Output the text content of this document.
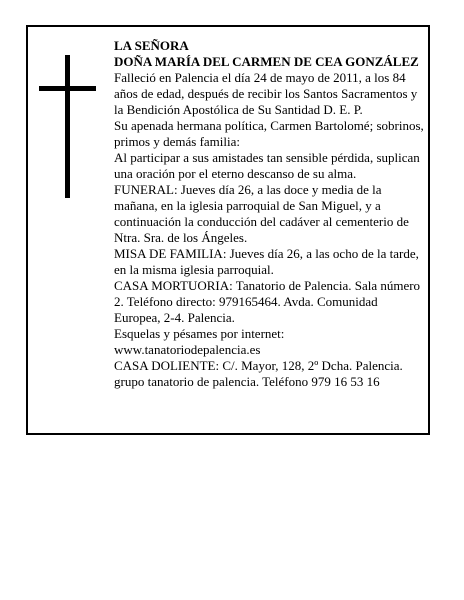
LA SEÑORA

DOÑA MARÍA DEL CARMEN DE CEA GONZÁLEZ

Falleció en Palencia el día 24 de mayo de 2011, a los 84 años de edad, después de recibir los Santos Sacramentos y la Bendición Apostólica de Su Santidad D. E. P.

Su apenada hermana política, Carmen Bartolomé; sobrinos, primos y demás familia:

Al participar a sus amistades tan sensible pérdida, suplican una oración por el eterno descanso de su alma.

FUNERAL: Jueves día 26, a las doce y media de la mañana, en la iglesia parroquial de San Miguel, y a continuación la conducción del cadáver al cementerio de Ntra. Sra. de los Ángeles.

MISA DE FAMILIA: Jueves día 26, a las ocho de la tarde, en la misma iglesia parroquial.

CASA MORTUORIA: Tanatorio de Palencia. Sala número 2. Teléfono directo: 979165464. Avda. Comunidad Europea, 2-4. Palencia.

Esquelas y pésames por internet: www.tanatoriodepalencia.es

CASA DOLIENTE: C/. Mayor, 128, 2º Dcha. Palencia.

grupo tanatorio de palencia. Teléfono 979 16 53 16
